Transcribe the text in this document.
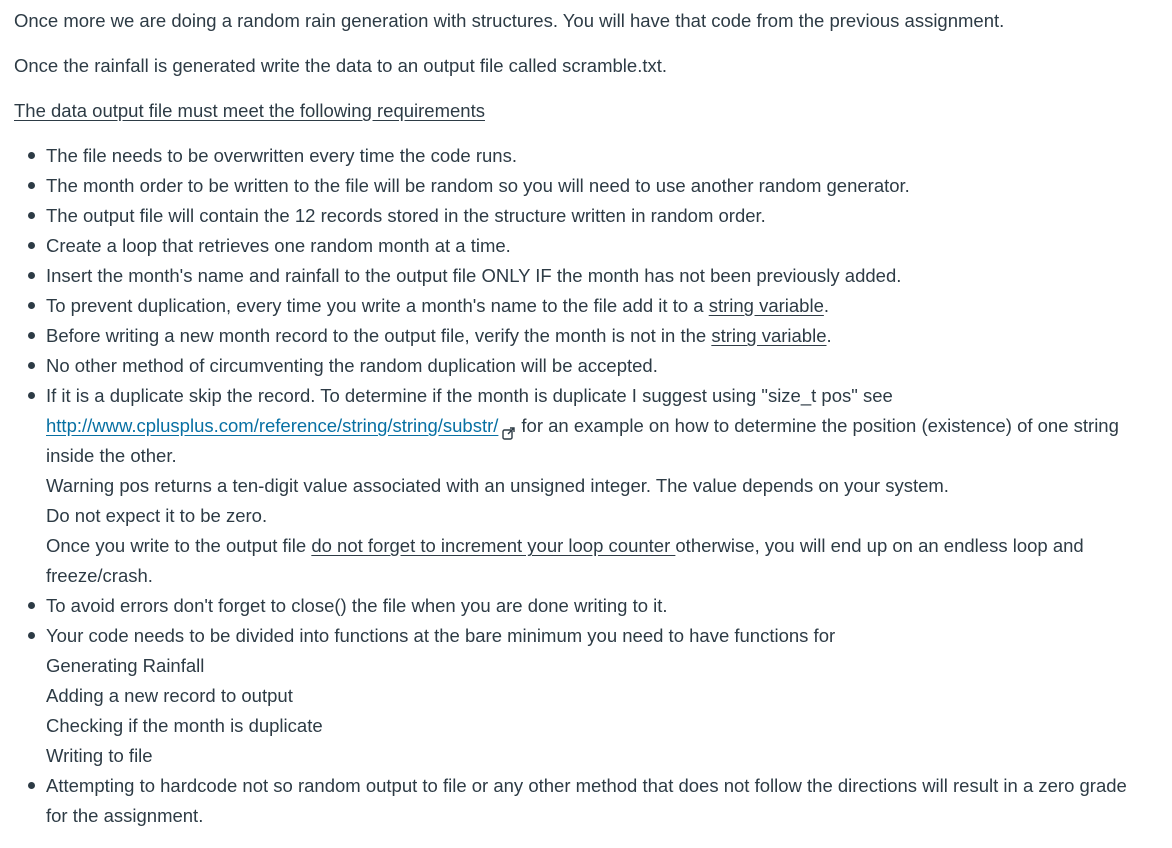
Once more we are doing a random rain generation with structures. You will have that code from the previous assignment.

Once the rainfall is generated write the data to an output file called scramble.txt.

The data output file must meet the following requirements

The file needs to be overwritten every time the code runs.
The month order to be written to the file will be random so you will need to use another random generator.
The output file will contain the 12 records stored in the structure written in random order.
Create a loop that retrieves one random month at a time.
Insert the month's name and rainfall to the output file ONLY IF the month has not been previously added.
To prevent duplication, every time you write a month's name to the file add it to a string variable.
Before writing a new month record to the output file, verify the month is not in the string variable.
No other method of circumventing the random duplication will be accepted.
If it is a duplicate skip the record. To determine if the month is duplicate I suggest using "size_t pos" see http://www.cplusplus.com/reference/string/string/substr/ for an example on how to determine the position (existence) of one string inside the other.
Warning pos returns a ten-digit value associated with an unsigned integer. The value depends on your system.
Do not expect it to be zero.
Once you write to the output file do not forget to increment your loop counter otherwise, you will end up on an endless loop and freeze/crash.
To avoid errors don't forget to close() the file when you are done writing to it.
Your code needs to be divided into functions at the bare minimum you need to have functions for
Generating Rainfall
Adding a new record to output
Checking if the month is duplicate
Writing to file
Attempting to hardcode not so random output to file or any other method that does not follow the directions will result in a zero grade for the assignment.
